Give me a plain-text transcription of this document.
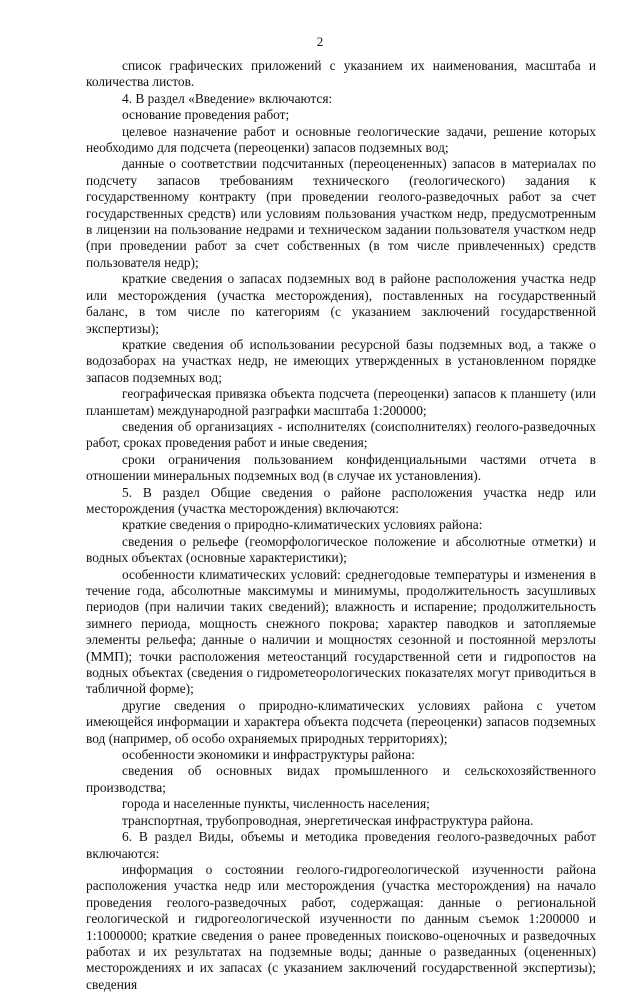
2

список графических приложений с указанием их наименования, масштаба и количества листов.

4. В раздел «Введение» включаются:

основание проведения работ;

целевое назначение работ и основные геологические задачи, решение которых необходимо для подсчета (переоценки) запасов подземных вод;

данные о соответствии подсчитанных (переоцененных) запасов в материалах по подсчету запасов требованиям технического (геологического) задания к государственному контракту (при проведении геолого-разведочных работ за счет государственных средств) или условиям пользования участком недр, предусмотренным в лицензии на пользование недрами и техническом задании пользователя участком недр (при проведении работ за счет собственных (в том числе привлеченных) средств пользователя недр);

краткие сведения о запасах подземных вод в районе расположения участка недр или месторождения (участка месторождения), поставленных на государственный баланс, в том числе по категориям (с указанием заключений государственной экспертизы);

краткие сведения об использовании ресурсной базы подземных вод, а также о водозаборах на участках недр, не имеющих утвержденных в установленном порядке запасов подземных вод;

географическая привязка объекта подсчета (переоценки) запасов к планшету (или планшетам) международной разграфки масштаба 1:200000;

сведения об организациях - исполнителях (соисполнителях) геолого-разведочных работ, сроках проведения работ и иные сведения;

сроки ограничения пользованием конфиденциальными частями отчета в отношении минеральных подземных вод (в случае их установления).

5. В раздел Общие сведения о районе расположения участка недр или месторождения (участка месторождения) включаются:

краткие сведения о природно-климатических условиях района:

сведения о рельефе (геоморфологическое положение и абсолютные отметки) и водных объектах (основные характеристики);

особенности климатических условий: среднегодовые температуры и изменения в течение года, абсолютные максимумы и минимумы, продолжительность засушливых периодов (при наличии таких сведений); влажность и испарение; продолжительность зимнего периода, мощность снежного покрова; характер паводков и затопляемые элементы рельефа; данные о наличии и мощностях сезонной и постоянной мерзлоты (ММП); точки расположения метеостанций государственной сети и гидропостов на водных объектах (сведения о гидрометеорологических показателях могут приводиться в табличной форме);

другие сведения о природно-климатических условиях района с учетом имеющейся информации и характера объекта подсчета (переоценки) запасов подземных вод (например, об особо охраняемых природных территориях);

особенности экономики и инфраструктуры района:

сведения об основных видах промышленного и сельскохозяйственного производства;

города и населенные пункты, численность населения;

транспортная, трубопроводная, энергетическая инфраструктура района.

6. В раздел Виды, объемы и методика проведения геолого-разведочных работ включаются:

информация о состоянии геолого-гидрогеологической изученности района расположения участка недр или месторождения (участка месторождения) на начало проведения геолого-разведочных работ, содержащая: данные о региональной геологической и гидрогеологической изученности по данным съемок 1:200000 и 1:1000000; краткие сведения о ранее проведенных поисково-оценочных и разведочных работах и их результатах на подземные воды; данные о разведанных (оцененных) месторождениях и их запасах (с указанием заключений государственной экспертизы); сведения
